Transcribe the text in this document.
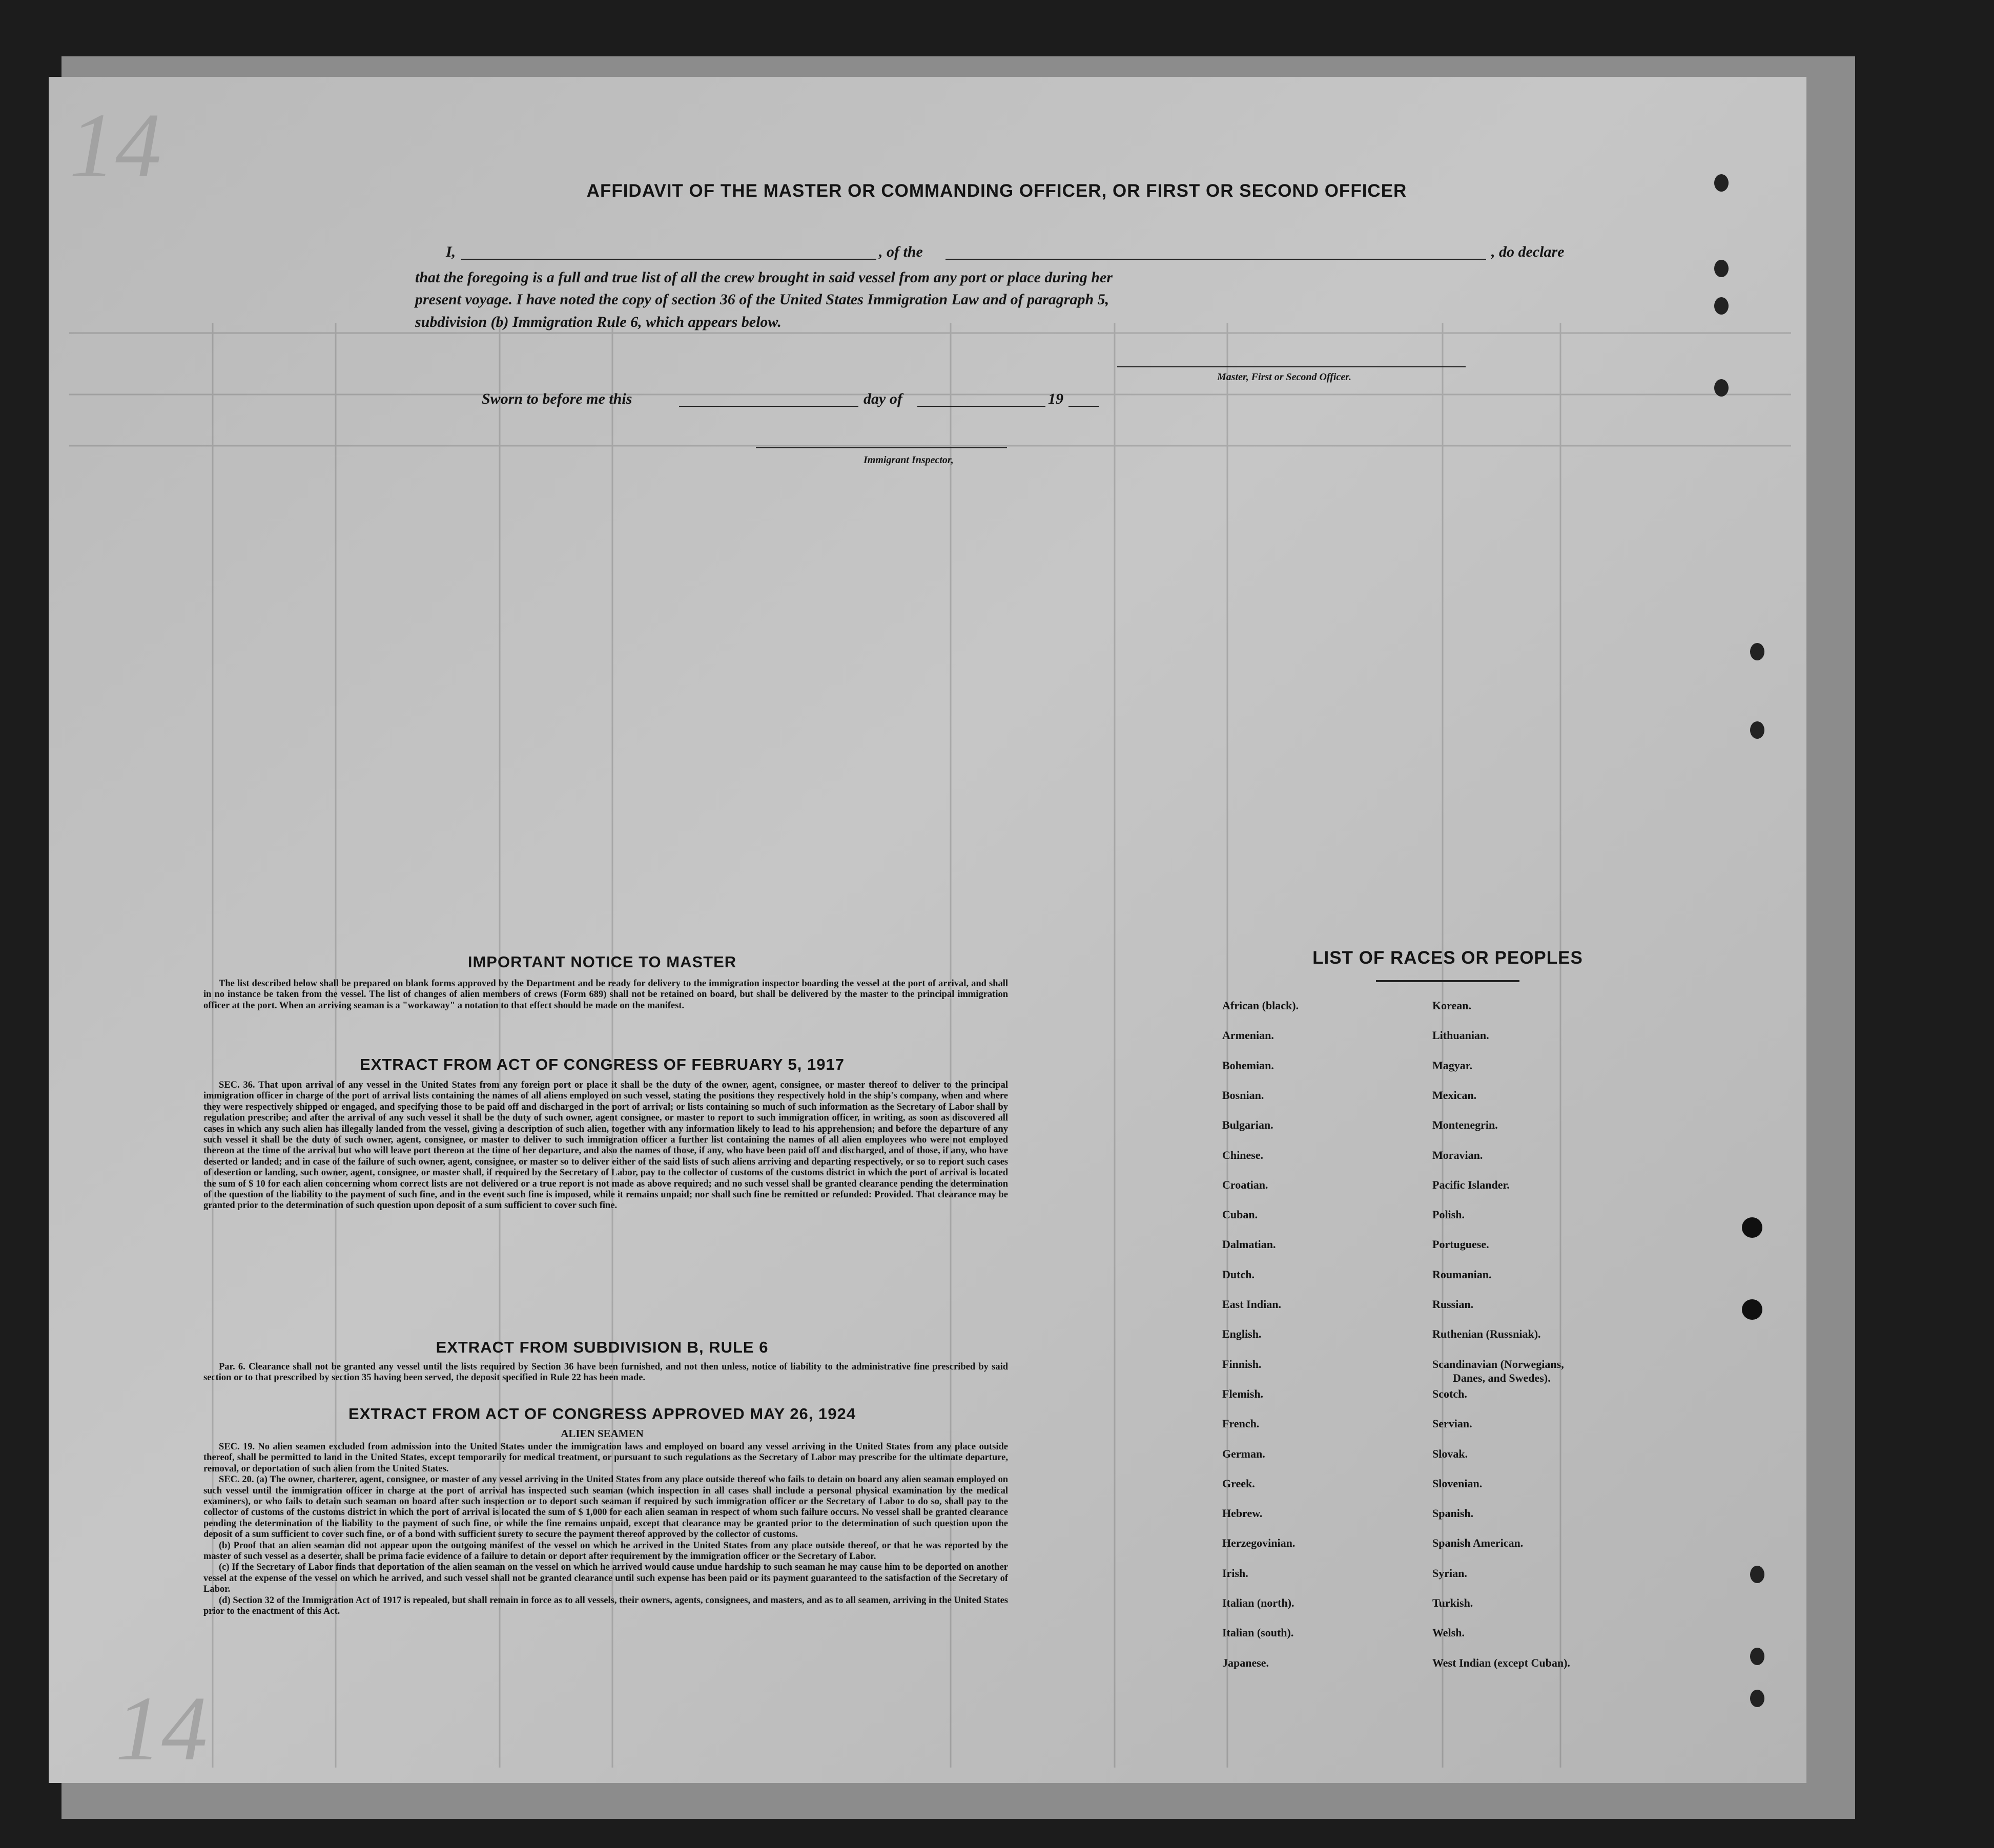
14
14
AFFIDAVIT OF THE MASTER OR COMMANDING OFFICER, OR FIRST OR SECOND OFFICER
I,	, of the	, do declare
that the foregoing is a full and true list of all the crew brought in said vessel from any port or place during her
present voyage. I have noted the copy of section 36 of the United States Immigration Law and of paragraph 5,
subdivision (b) Immigration Rule 6, which appears below.
Master, First or Second Officer.
Sworn to before me this	day of	19
Immigrant Inspector,
IMPORTANT NOTICE TO MASTER

The list described below shall be prepared on blank forms approved by the Department and be ready for delivery to the immigration inspector boarding the vessel at the port of arrival, and shall in no instance be taken from the vessel. The list of changes of alien members of crews (Form 689) shall not be retained on board, but shall be delivered by the master to the principal immigration officer at the port. When an arriving seaman is a "workaway" a notation to that effect should be made on the manifest.

EXTRACT FROM ACT OF CONGRESS OF FEBRUARY 5, 1917

SEC. 36. That upon arrival of any vessel in the United States from any foreign port or place it shall be the duty of the owner, agent, consignee, or master thereof to deliver to the principal immigration officer in charge of the port of arrival lists containing the names of all aliens employed on such vessel, stating the positions they respectively hold in the ship's company, when and where they were respectively shipped or engaged, and specifying those to be paid off and discharged in the port of arrival; or lists containing so much of such information as the Secretary of Labor shall by regulation prescribe; and after the arrival of any such vessel it shall be the duty of such owner, agent consignee, or master to report to such immigration officer, in writing, as soon as discovered all cases in which any such alien has illegally landed from the vessel, giving a description of such alien, together with any information likely to lead to his apprehension; and before the departure of any such vessel it shall be the duty of such owner, agent, consignee, or master to deliver to such immigration officer a further list containing the names of all alien employees who were not employed thereon at the time of the arrival but who will leave port thereon at the time of her departure, and also the names of those, if any, who have been paid off and discharged, and of those, if any, who have deserted or landed; and in case of the failure of such owner, agent, consignee, or master so to deliver either of the said lists of such aliens arriving and departing respectively, or so to report such cases of desertion or landing, such owner, agent, consignee, or master shall, if required by the Secretary of Labor, pay to the collector of customs of the customs district in which the port of arrival is located the sum of $ 10 for each alien concerning whom correct lists are not delivered or a true report is not made as above required; and no such vessel shall be granted clearance pending the determination of the question of the liability to the payment of such fine, and in the event such fine is imposed, while it remains unpaid; nor shall such fine be remitted or refunded: Provided. That clearance may be granted prior to the determination of such question upon deposit of a sum sufficient to cover such fine.

EXTRACT FROM SUBDIVISION B, RULE 6

Par. 6. Clearance shall not be granted any vessel until the lists required by Section 36 have been furnished, and not then unless, notice of liability to the administrative fine prescribed by said section or to that prescribed by section 35 having been served, the deposit specified in Rule 22 has been made.

EXTRACT FROM ACT OF CONGRESS APPROVED MAY 26, 1924
ALIEN SEAMEN

SEC. 19. No alien seamen excluded from admission into the United States under the immigration laws and employed on board any vessel arriving in the United States from any place outside thereof, shall be permitted to land in the United States, except temporarily for medical treatment, or pursuant to such regulations as the Secretary of Labor may prescribe for the ultimate departure, removal, or deportation of such alien from the United States.

SEC. 20. (a) The owner, charterer, agent, consignee, or master of any vessel arriving in the United States from any place outside thereof who fails to detain on board any alien seaman employed on such vessel until the immigration officer in charge at the port of arrival has inspected such seaman (which inspection in all cases shall include a personal physical examination by the medical examiners), or who fails to detain such seaman on board after such inspection or to deport such seaman if required by such immigration officer or the Secretary of Labor to do so, shall pay to the collector of customs of the customs district in which the port of arrival is located the sum of $ 1,000 for each alien seaman in respect of whom such failure occurs. No vessel shall be granted clearance pending the determination of the liability to the payment of such fine, or while the fine remains unpaid, except that clearance may be granted prior to the determination of such question upon the deposit of a sum sufficient to cover such fine, or of a bond with sufficient surety to secure the payment thereof approved by the collector of customs.

(b) Proof that an alien seaman did not appear upon the outgoing manifest of the vessel on which he arrived in the United States from any place outside thereof, or that he was reported by the master of such vessel as a deserter, shall be prima facie evidence of a failure to detain or deport after requirement by the immigration officer or the Secretary of Labor.

(c) If the Secretary of Labor finds that deportation of the alien seaman on the vessel on which he arrived would cause undue hardship to such seaman he may cause him to be deported on another vessel at the expense of the vessel on which he arrived, and such vessel shall not be granted clearance until such expense has been paid or its payment guaranteed to the satisfaction of the Secretary of Labor.

(d) Section 32 of the Immigration Act of 1917 is repealed, but shall remain in force as to all vessels, their owners, agents, consignees, and masters, and as to all seamen, arriving in the United States prior to the enactment of this Act.

LIST OF RACES OR PEOPLES
African (black).
Armenian.
Bohemian.
Bosnian.
Bulgarian.
Chinese.
Croatian.
Cuban.
Dalmatian.
Dutch.
East Indian.
English.
Finnish.
Flemish.
French.
German.
Greek.
Hebrew.
Herzegovinian.
Irish.
Italian (north).
Italian (south).
Japanese.
Korean.
Lithuanian.
Magyar.
Mexican.
Montenegrin.
Moravian.
Pacific Islander.
Polish.
Portuguese.
Roumanian.
Russian.
Ruthenian (Russniak).
Scandinavian (Norwegians,
Danes, and Swedes).
Scotch.
Servian.
Slovak.
Slovenian.
Spanish.
Spanish American.
Syrian.
Turkish.
Welsh.
West Indian (except Cuban).
